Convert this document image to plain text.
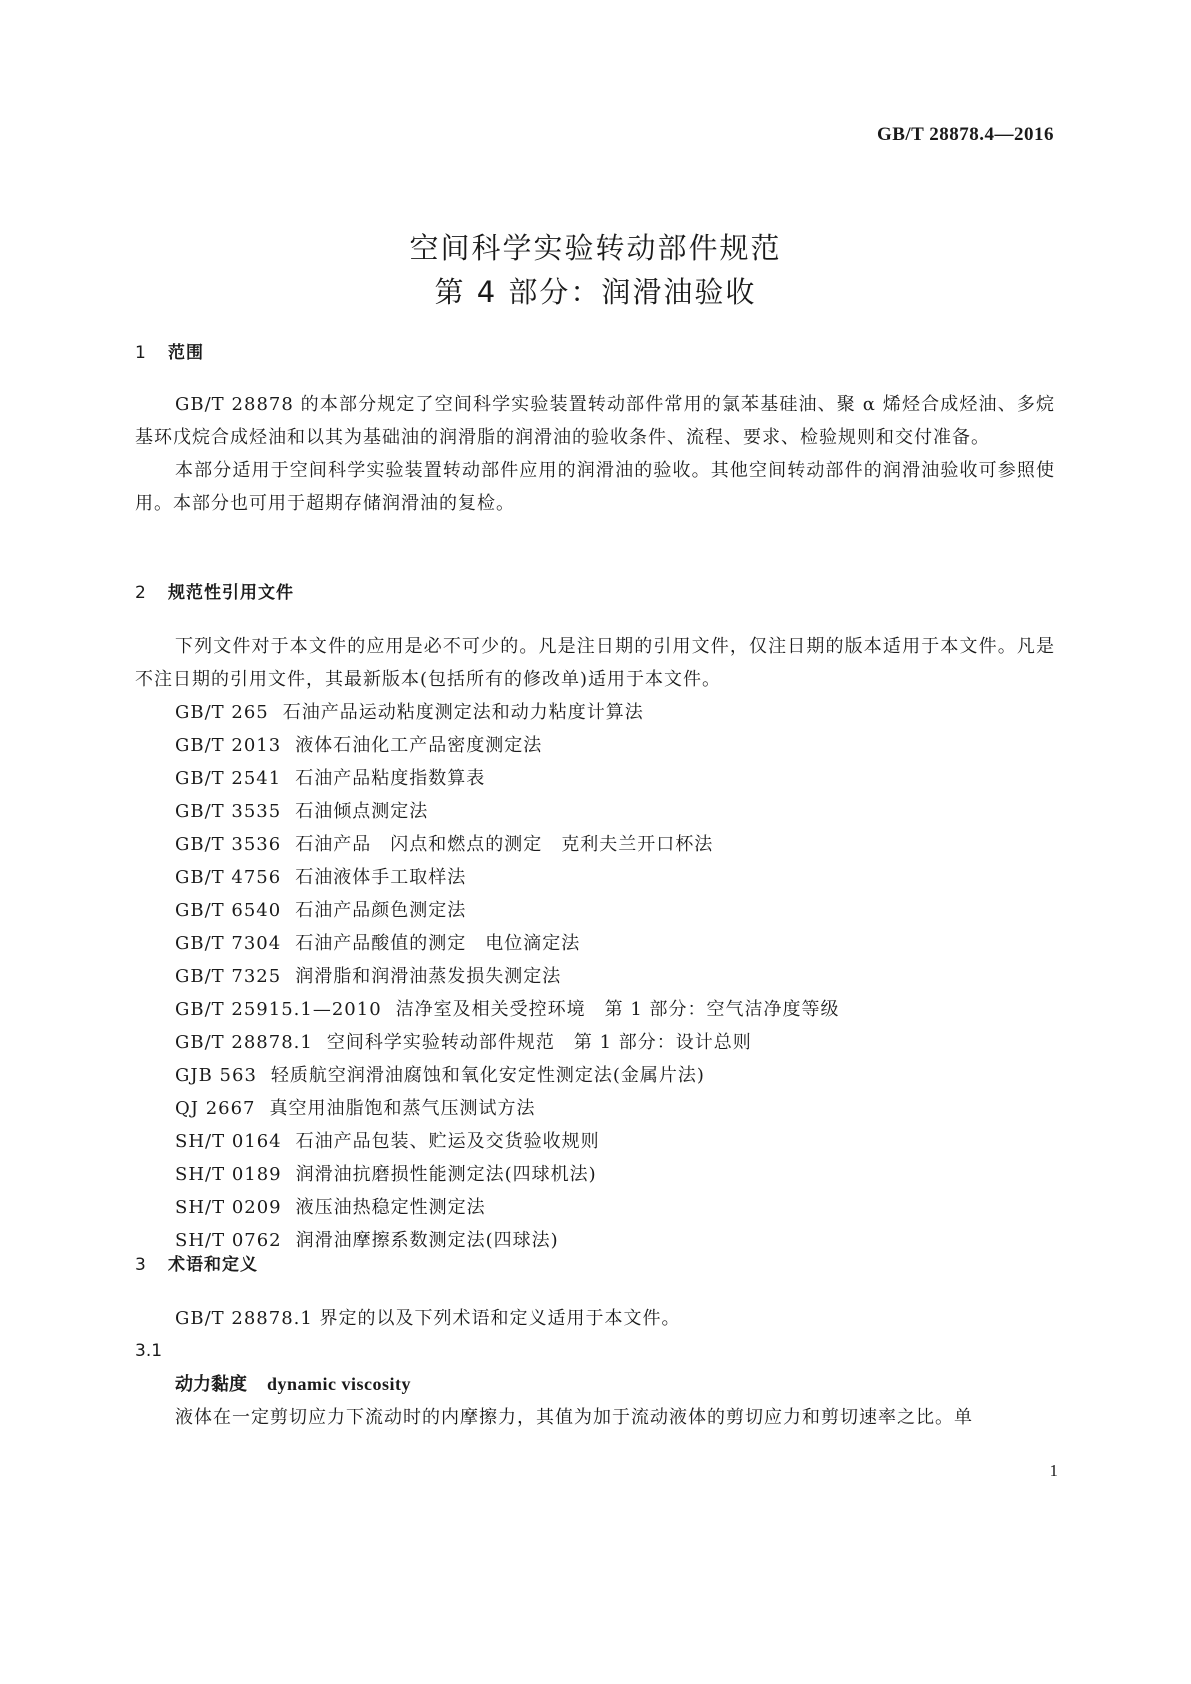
GB/T 28878.4—2016
空间科学实验转动部件规范
第 4 部分：润滑油验收
1 范围

GB/T 28878 的本部分规定了空间科学实验装置转动部件常用的氯苯基硅油、聚 α 烯烃合成烃油、多烷基环戊烷合成烃油和以其为基础油的润滑脂的润滑油的验收条件、流程、要求、检验规则和交付准备。

本部分适用于空间科学实验装置转动部件应用的润滑油的验收。其他空间转动部件的润滑油验收可参照使用。本部分也可用于超期存储润滑油的复检。

2 规范性引用文件

下列文件对于本文件的应用是必不可少的。凡是注日期的引用文件，仅注日期的版本适用于本文件。凡是不注日期的引用文件，其最新版本(包括所有的修改单)适用于本文件。

GB/T 265 石油产品运动粘度测定法和动力粘度计算法
GB/T 2013 液体石油化工产品密度测定法
GB/T 2541 石油产品粘度指数算表
GB/T 3535 石油倾点测定法
GB/T 3536 石油产品　闪点和燃点的测定　克利夫兰开口杯法
GB/T 4756 石油液体手工取样法
GB/T 6540 石油产品颜色测定法
GB/T 7304 石油产品酸值的测定　电位滴定法
GB/T 7325 润滑脂和润滑油蒸发损失测定法
GB/T 25915.1—2010 洁净室及相关受控环境　第 1 部分：空气洁净度等级
GB/T 28878.1 空间科学实验转动部件规范　第 1 部分：设计总则
GJB 563 轻质航空润滑油腐蚀和氧化安定性测定法(金属片法)
QJ 2667 真空用油脂饱和蒸气压测试方法
SH/T 0164 石油产品包装、贮运及交货验收规则
SH/T 0189 润滑油抗磨损性能测定法(四球机法)
SH/T 0209 液压油热稳定性测定法
SH/T 0762 润滑油摩擦系数测定法(四球法)
3 术语和定义

GB/T 28878.1 界定的以及下列术语和定义适用于本文件。

3.1
动力黏度 dynamic viscosity

液体在一定剪切应力下流动时的内摩擦力，其值为加于流动液体的剪切应力和剪切速率之比。单

1
